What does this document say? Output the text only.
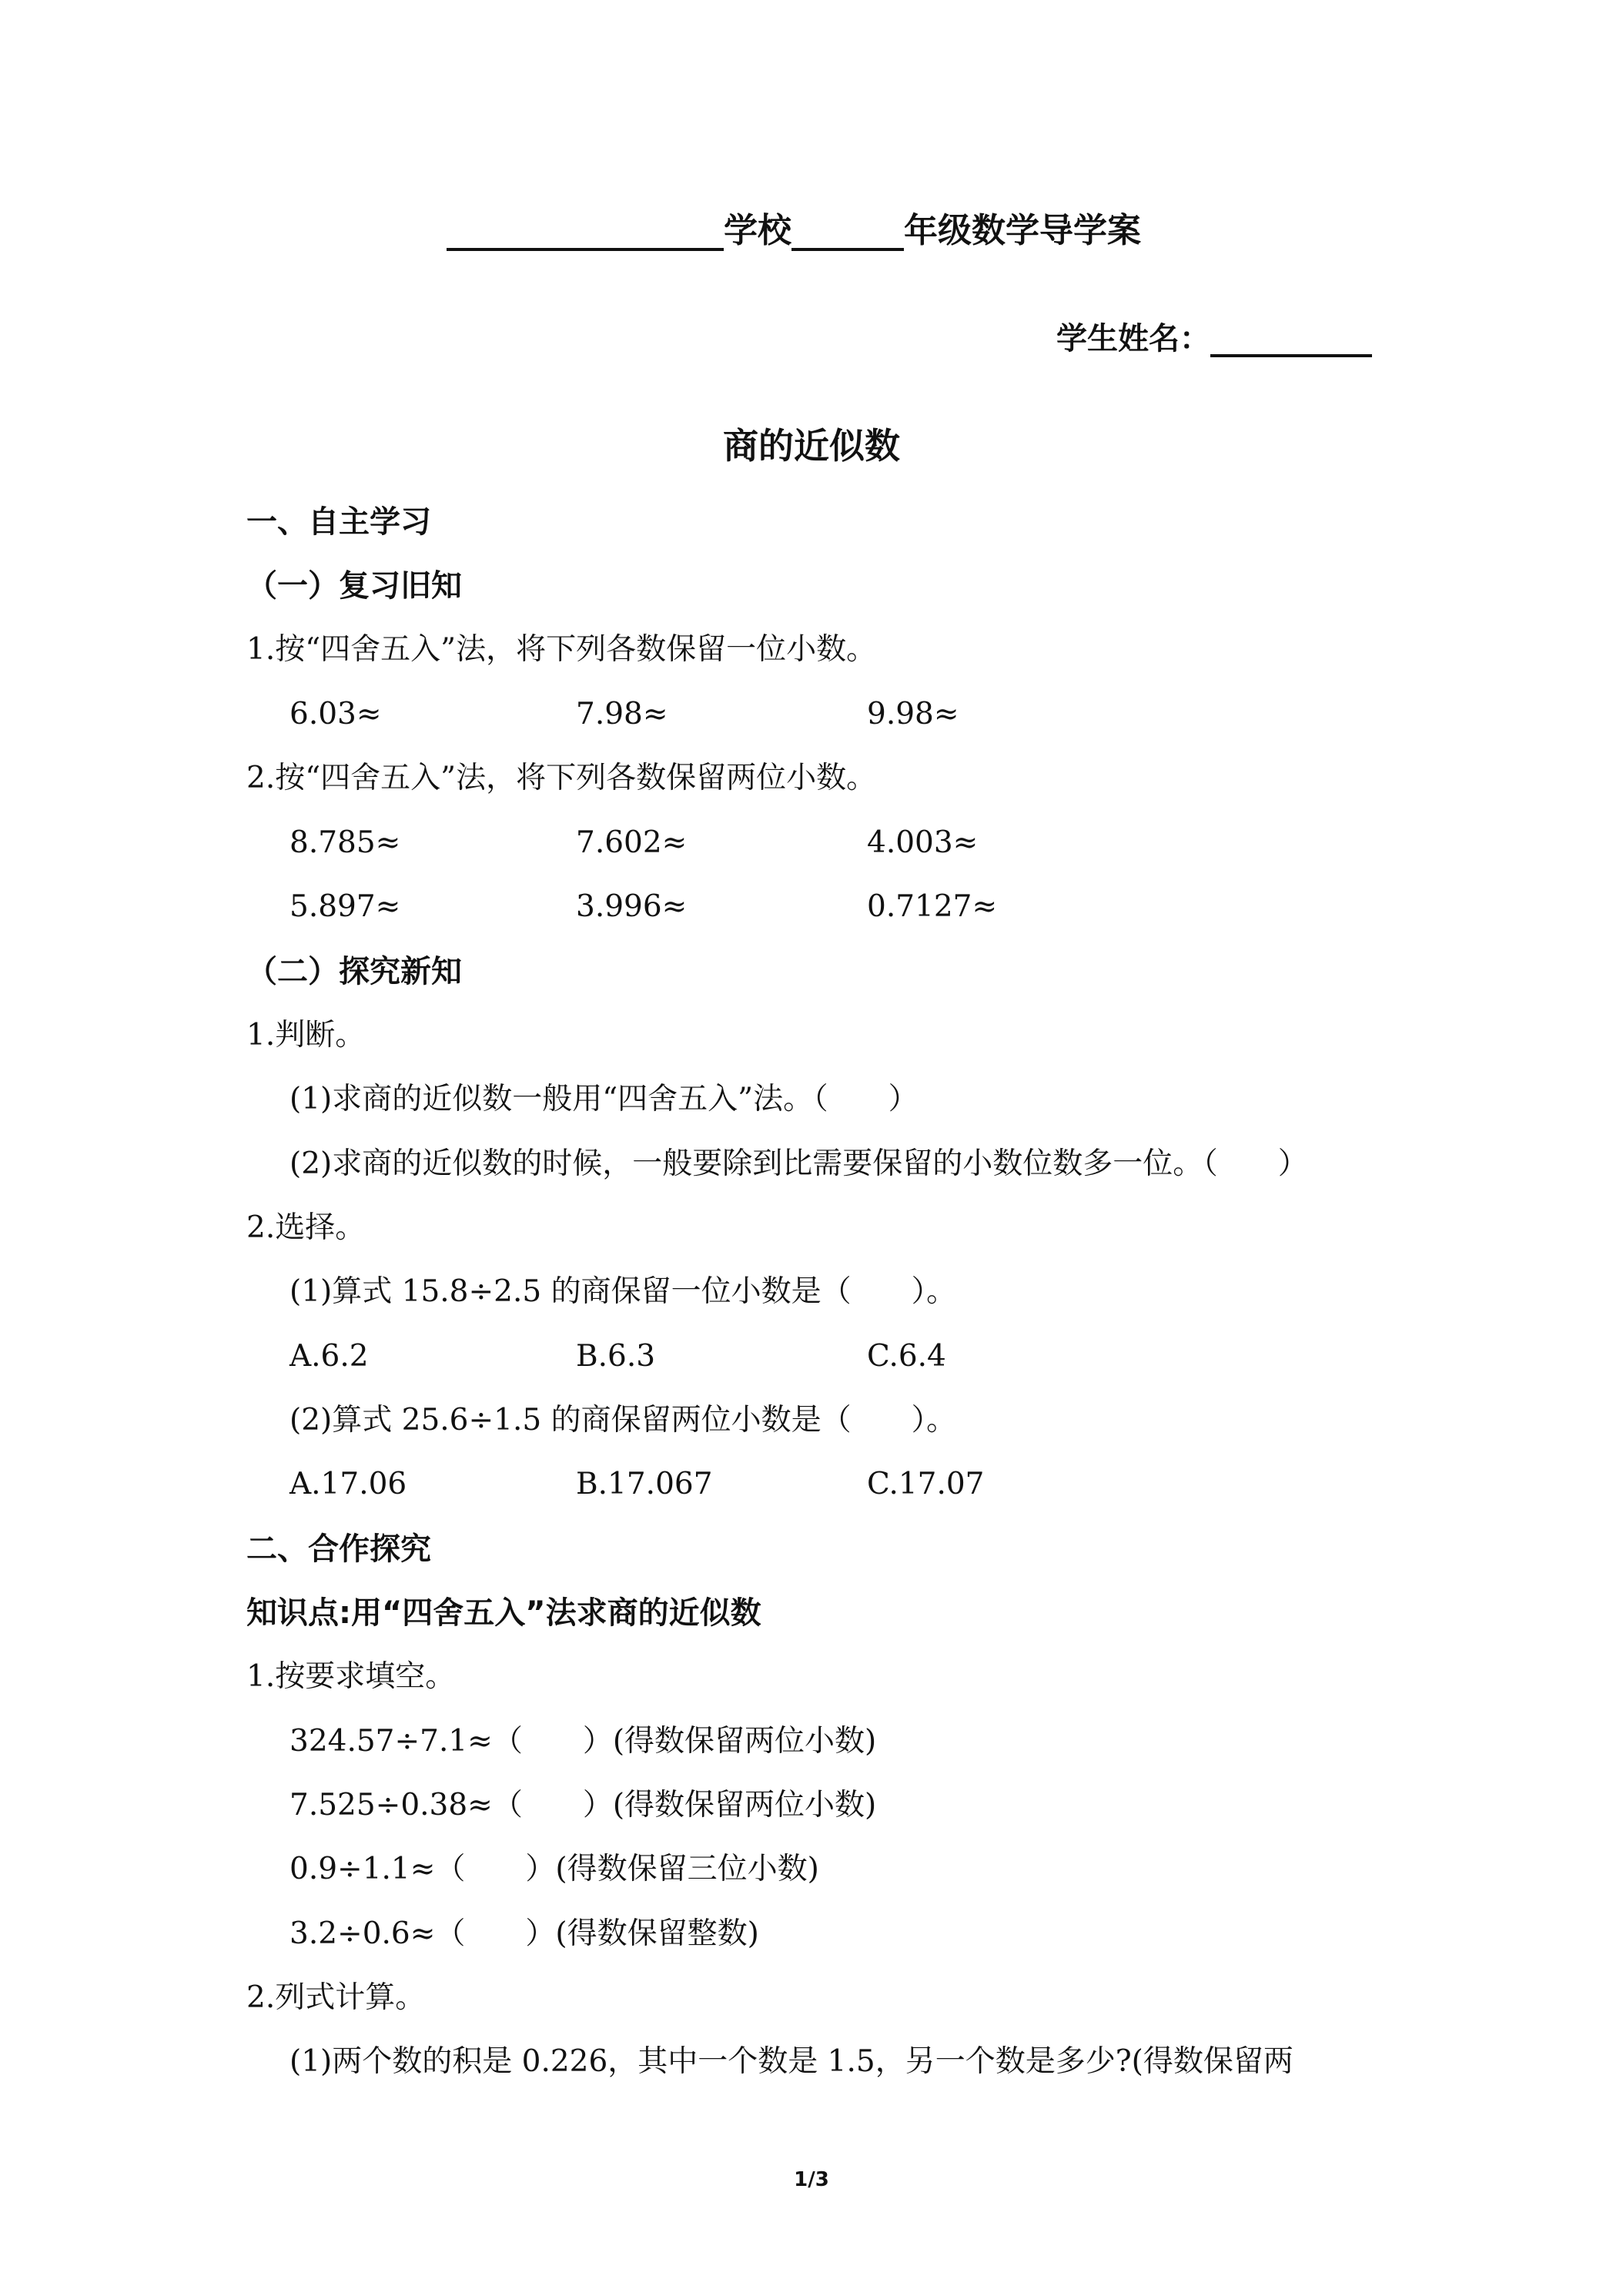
学校	年级数学导学案
学生姓名：
商的近似数
一、自主学习
（一）复习旧知
1.按“四舍五入”法，将下列各数保留一位小数。
6.03≈	7.98≈	9.98≈
2.按“四舍五入”法，将下列各数保留两位小数。
8.785≈	7.602≈	4.003≈
5.897≈	3.996≈	0.7127≈
（二）探究新知
1.判断。
(1)求商的近似数一般用“四舍五入”法。（　　）
(2)求商的近似数的时候，一般要除到比需要保留的小数位数多一位。（　　）
2.选择。
(1)算式 15.8÷2.5 的商保留一位小数是（　　）。
A.6.2	B.6.3	C.6.4
(2)算式 25.6÷1.5 的商保留两位小数是（　　）。
A.17.06	B.17.067	C.17.07
二、合作探究
知识点:用“四舍五入”法求商的近似数
1.按要求填空。
324.57÷7.1≈（　　）(得数保留两位小数)
7.525÷0.38≈（　　）(得数保留两位小数)
0.9÷1.1≈（　　）(得数保留三位小数)
3.2÷0.6≈（　　）(得数保留整数)
2.列式计算。
(1)两个数的积是 0.226，其中一个数是 1.5，另一个数是多少?(得数保留两
1/3
